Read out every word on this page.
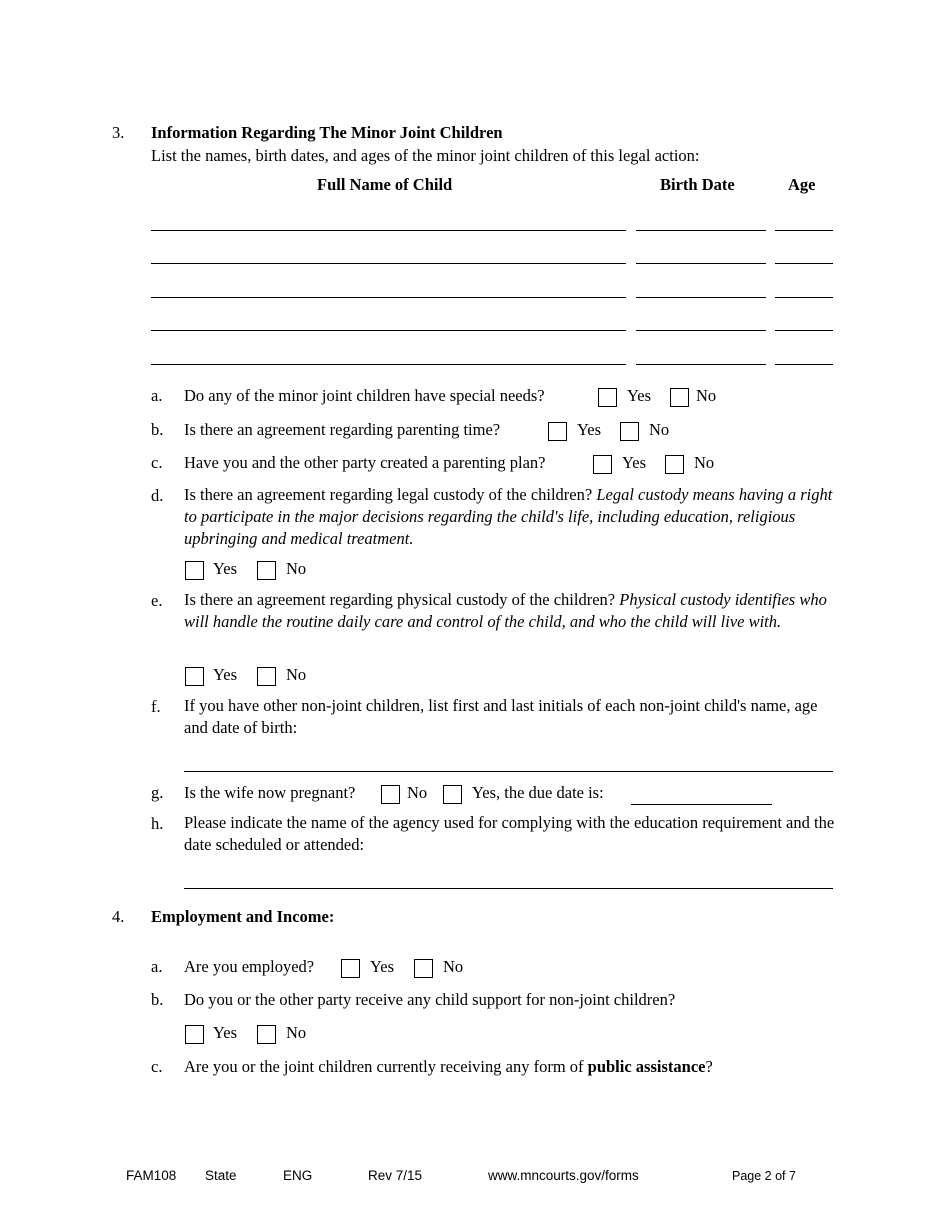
3. Information Regarding The Minor Joint Children
List the names, birth dates, and ages of the minor joint children of this legal action:
Full Name of Child	Birth Date	Age
a. Do any of the minor joint children have special needs?	Yes	No
b. Is there an agreement regarding parenting time?	Yes	No
c. Have you and the other party created a parenting plan?	Yes	No
d. Is there an agreement regarding legal custody of the children? Legal custody means having a right to participate in the major decisions regarding the child's life, including education, religious upbringing and medical treatment.
Yes	No
e. Is there an agreement regarding physical custody of the children? Physical custody identifies who will handle the routine daily care and control of the child, and who the child will live with.
Yes	No
f. If you have other non-joint children, list first and last initials of each non-joint child's name, age and date of birth:
g. Is the wife now pregnant?	No	Yes, the due date is:
h. Please indicate the name of the agency used for complying with the education requirement and the date scheduled or attended:
4. Employment and Income:
a. Are you employed?	Yes	No
b. Do you or the other party receive any child support for non-joint children?
Yes	No
c. Are you or the joint children currently receiving any form of public assistance?
FAM108 State	ENG	Rev 7/15	www.mncourts.gov/forms	Page 2 of 7
